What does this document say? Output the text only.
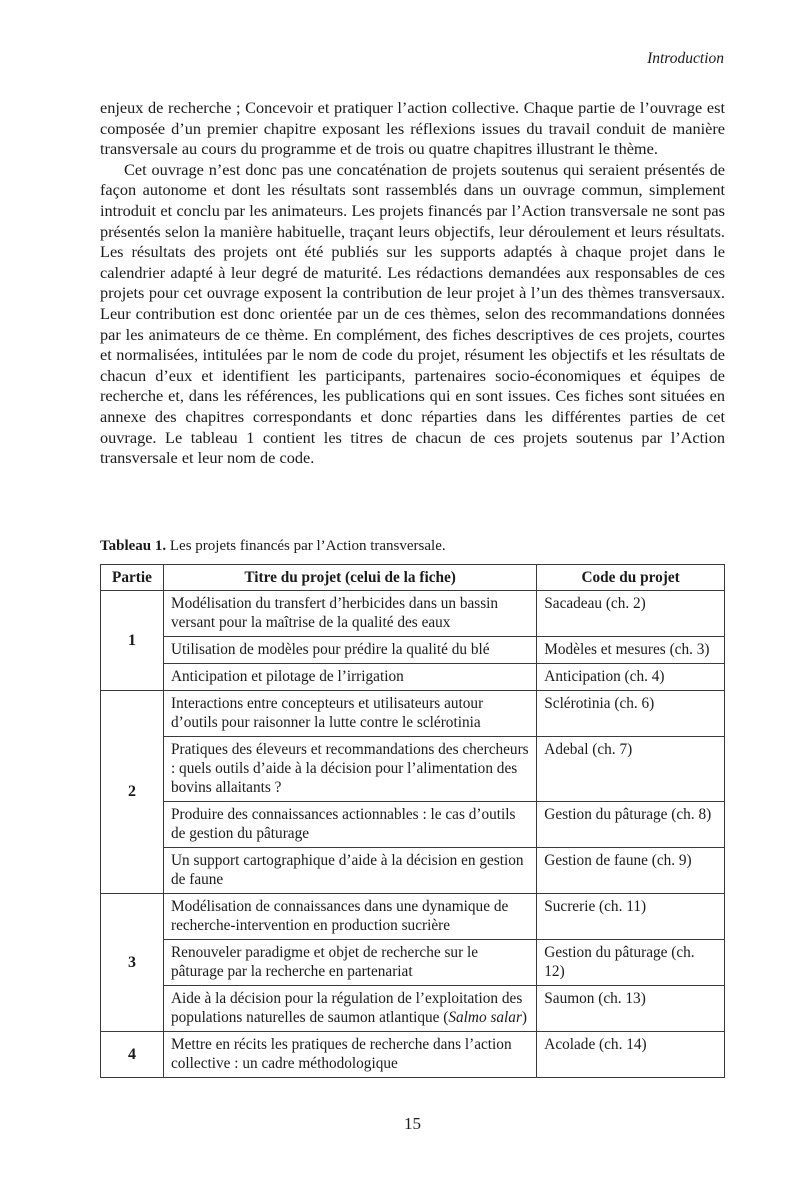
Introduction

enjeux de recherche ; Concevoir et pratiquer l’action collective. Chaque partie de l’ouvrage est composée d’un premier chapitre exposant les réflexions issues du travail conduit de manière transversale au cours du programme et de trois ou quatre chapitres illustrant le thème.

Cet ouvrage n’est donc pas une concaténation de projets soutenus qui seraient présentés de façon autonome et dont les résultats sont rassemblés dans un ouvrage commun, simplement introduit et conclu par les animateurs. Les projets financés par l’Action transversale ne sont pas présentés selon la manière habituelle, traçant leurs objectifs, leur déroulement et leurs résultats. Les résultats des projets ont été publiés sur les supports adaptés à chaque projet dans le calendrier adapté à leur degré de maturité. Les rédactions demandées aux responsables de ces projets pour cet ouvrage exposent la contribution de leur projet à l’un des thèmes transversaux. Leur contribution est donc orientée par un de ces thèmes, selon des recommandations données par les animateurs de ce thème. En complément, des fiches descriptives de ces projets, courtes et normalisées, intitulées par le nom de code du projet, résument les objectifs et les résultats de chacun d’eux et identifient les participants, partenaires socio-économiques et équipes de recherche et, dans les références, les publications qui en sont issues. Ces fiches sont situées en annexe des chapitres correspondants et donc réparties dans les différentes parties de cet ouvrage. Le tableau 1 contient les titres de chacun de ces projets soutenus par l’Action transversale et leur nom de code.

Tableau 1. Les projets financés par l’Action transversale.
Partie	Titre du projet (celui de la fiche)	Code du projet
1	Modélisation du transfert d’herbicides dans un bassin versant pour la maîtrise de la qualité des eaux	Sacadeau (ch. 2)
	Utilisation de modèles pour prédire la qualité du blé	Modèles et mesures (ch. 3)
	Anticipation et pilotage de l’irrigation	Anticipation (ch. 4)
2	Interactions entre concepteurs et utilisateurs autour d’outils pour raisonner la lutte contre le sclérotinia	Sclérotinia (ch. 6)
	Pratiques des éleveurs et recommandations des chercheurs : quels outils d’aide à la décision pour l’alimentation des bovins allaitants ?	Adebal (ch. 7)
	Produire des connaissances actionnables : le cas d’outils de gestion du pâturage	Gestion du pâturage (ch. 8)
	Un support cartographique d’aide à la décision en gestion de faune	Gestion de faune (ch. 9)
3	Modélisation de connaissances dans une dynamique de recherche-intervention en production sucrière	Sucrerie (ch. 11)
	Renouveler paradigme et objet de recherche sur le pâturage par la recherche en partenariat	Gestion du pâturage (ch. 12)
	Aide à la décision pour la régulation de l’exploitation des populations naturelles de saumon atlantique (Salmo salar)	Saumon (ch. 13)
4	Mettre en récits les pratiques de recherche dans l’action collective : un cadre méthodologique	Acolade (ch. 14)
15
